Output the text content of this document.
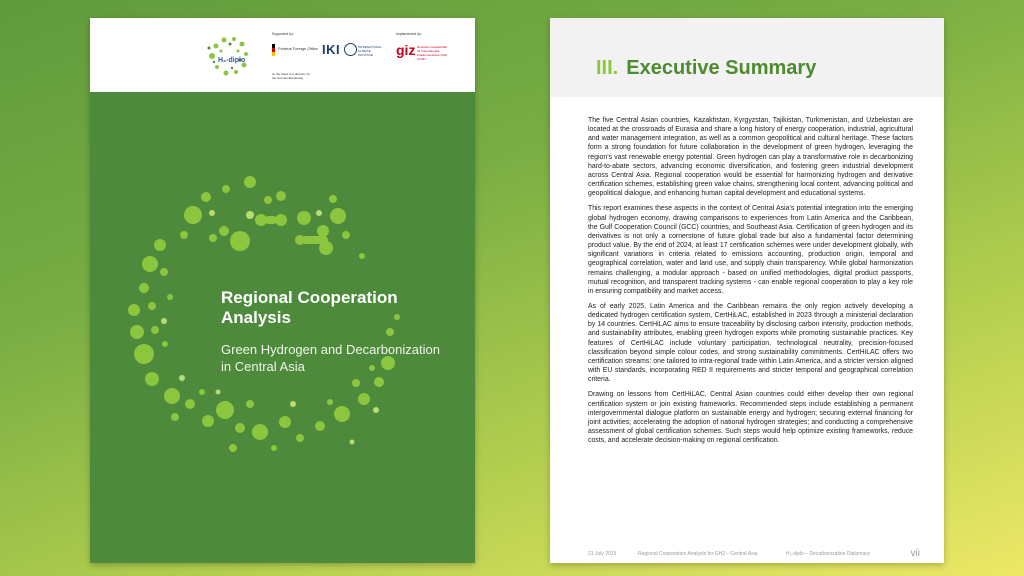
H₂-diplo
Supported by:
Federal Foreign Office
on the basis of a decision by the German Bundestag
IKI	INTERNATIONAL CLIMATE INITIATIVE
Implemented by:
giz Deutsche Gesellschaft für Internationale Zusammenarbeit (GIZ) GmbH
Regional Cooperation Analysis
Green Hydrogen and Decarbonization in Central Asia
III. Executive Summary

The five Central Asian countries, Kazakhstan, Kyrgyzstan, Tajikistan, Turkmenistan, and Uzbekistan are located at the crossroads of Eurasia and share a long history of energy cooperation, industrial, agricultural and water management integration, as well as a common geopolitical and cultural heritage. These factors form a strong foundation for future collaboration in the development of green hydrogen, leveraging the region’s vast renewable energy potential. Green hydrogen can play a transformative role in decarbonizing hard-to-abate sectors, advancing economic diversification, and fostering green industrial development across Central Asia. Regional cooperation would be essential for harmonizing hydrogen and derivative certification schemes, establishing green value chains, strengthening local content, advancing political and geopolitical dialogue, and enhancing human capital development and educational systems.

This report examines these aspects in the context of Central Asia’s potential integration into the emerging global hydrogen economy, drawing comparisons to experiences from Latin America and the Caribbean, the Gulf Cooperation Council (GCC) countries, and Southeast Asia. Certification of green hydrogen and its derivatives is not only a cornerstone of future global trade but also a fundamental factor determining product value. By the end of 2024, at least 17 certification schemes were under development globally, with significant variations in criteria related to emissions accounting, production origin, temporal and geographical correlation, water and land use, and supply chain transparency. While global harmonization remains challenging, a modular approach - based on unified methodologies, digital product passports, mutual recognition, and transparent tracking systems - can enable regional cooperation to play a key role in ensuring compatibility and market access.

As of early 2025, Latin America and the Caribbean remains the only region actively developing a dedicated hydrogen certification system, CertHiLAC, established in 2023 through a ministerial declaration by 14 countries. CertHiLAC aims to ensure traceability by disclosing carbon intensity, production methods, and sustainability attributes, enabling green hydrogen exports while promoting sustainable practices. Key features of CertHiLAC include voluntary participation, technological neutrality, precision-focused classification beyond simple colour codes, and strong sustainability commitments. CertHiLAC offers two certification streams: one tailored to intra-regional trade within Latin America, and a stricter version aligned with EU standards, incorporating RED II requirements and stricter temporal and geographical correlation criteria.

Drawing on lessons from CertHiLAC, Central Asian countries could either develop their own regional certification system or join existing frameworks. Recommended steps include establishing a permanent intergovernmental dialogue platform on sustainable energy and hydrogen; securing external financing for joint activities; accelerating the adoption of national hydrogen strategies; and conducting a comprehensive assessment of global certification schemes. Such steps would help optimize existing frameworks, reduce costs, and accelerate decision-making on regional certification.

21 July 2025	Regional Cooperation Analysis for GH2 – Central Asia	H₂-diplo – Decarbonization Diplomacy	vii
